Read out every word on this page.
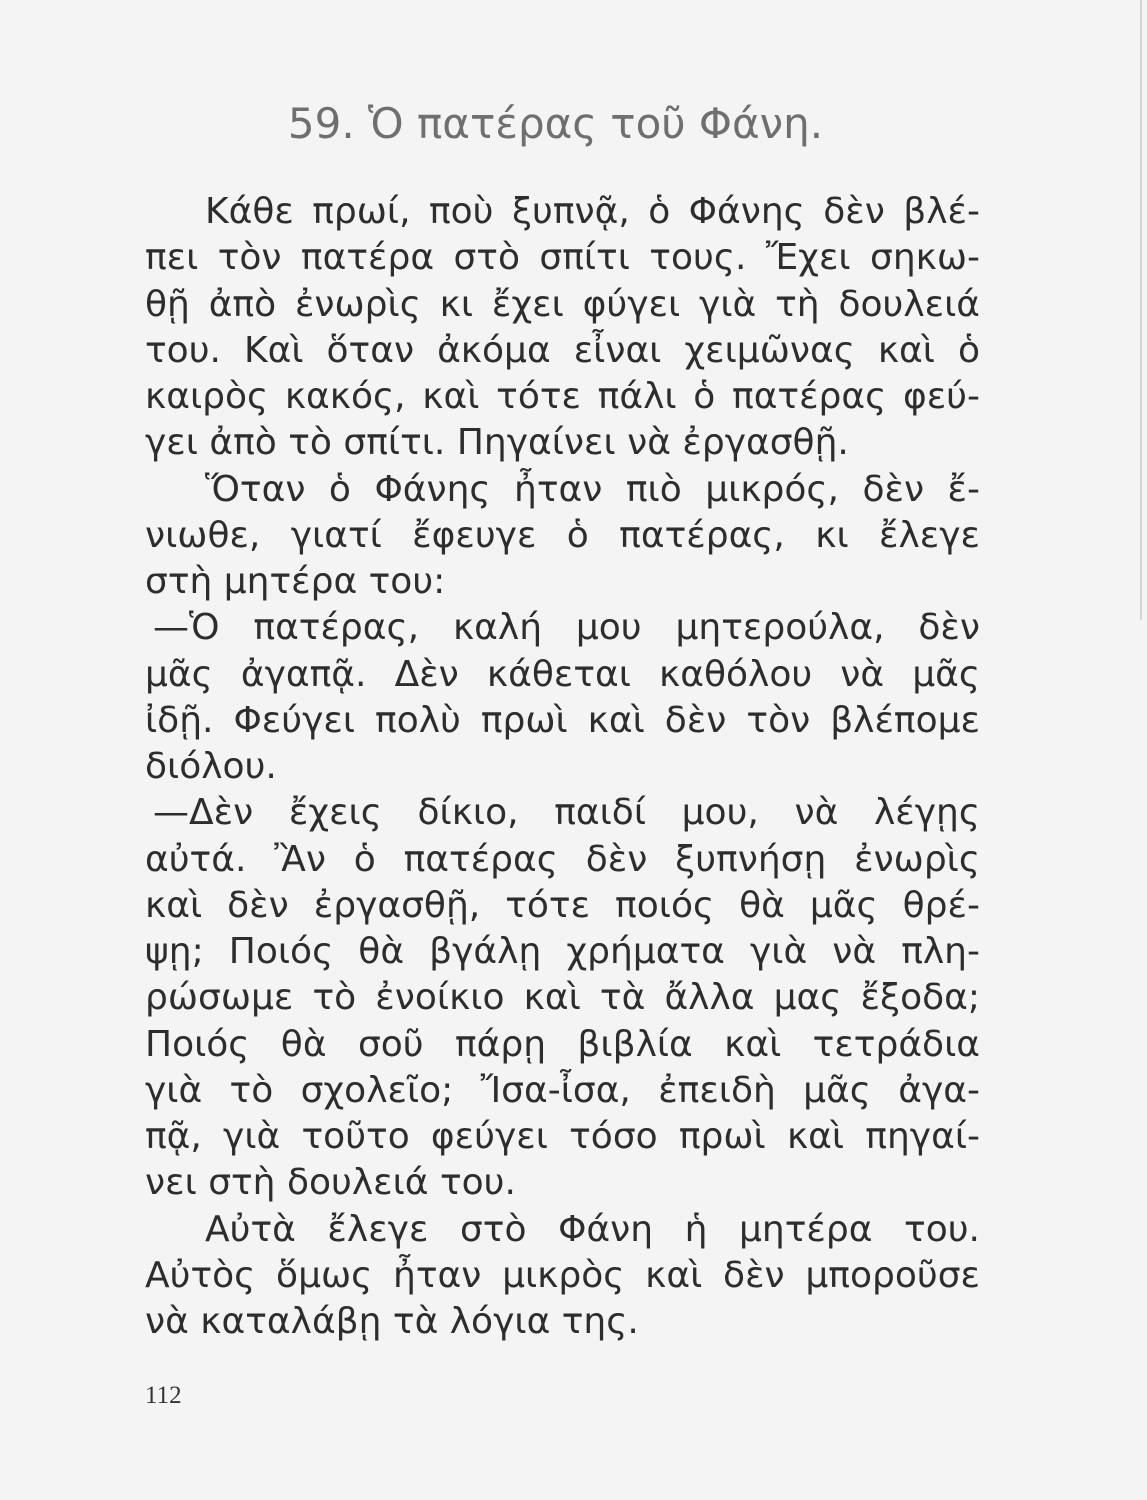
59. Ὁ πατέρας τοῦ Φάνη.
Κάθε πρωί, ποὺ ξυπνᾷ, ὁ Φάνης δὲν βλέ-
πει τὸν πατέρα στὸ σπίτι τους. Ἔχει σηκω-
θῇ ἀπὸ ἐνωρὶς κι ἔχει φύγει γιὰ τὴ δουλειά
του. Καὶ ὅταν ἀκόμα εἶναι χειμῶνας καὶ ὁ
καιρὸς κακός, καὶ τότε πάλι ὁ πατέρας φεύ-
γει ἀπὸ τὸ σπίτι. Πηγαίνει νὰ ἐργασθῇ.
Ὅταν ὁ Φάνης ἦταν πιὸ μικρός, δὲν ἔ-
νιωθε, γιατί ἔφευγε ὁ πατέρας, κι ἔλεγε
στὴ μητέρα του:
—Ὁ πατέρας, καλή μου μητερούλα, δὲν
μᾶς ἀγαπᾷ. Δὲν κάθεται καθόλου νὰ μᾶς
ἰδῇ. Φεύγει πολὺ πρωὶ καὶ δὲν τὸν βλέπομε
διόλου.
—Δὲν ἔχεις δίκιο, παιδί μου, νὰ λέγῃς
αὐτά. Ἂν ὁ πατέρας δὲν ξυπνήσῃ ἐνωρὶς
καὶ δὲν ἐργασθῇ, τότε ποιός θὰ μᾶς θρέ-
ψῃ; Ποιός θὰ βγάλῃ χρήματα γιὰ νὰ πλη-
ρώσωμε τὸ ἐνοίκιο καὶ τὰ ἄλλα μας ἔξοδα;
Ποιός θὰ σοῦ πάρῃ βιβλία καὶ τετράδια
γιὰ τὸ σχολεῖο; Ἴσα-ἶσα, ἐπειδὴ μᾶς ἀγα-
πᾷ, γιὰ τοῦτο φεύγει τόσο πρωὶ καὶ πηγαί-
νει στὴ δουλειά του.
Αὐτὰ ἔλεγε στὸ Φάνη ἡ μητέρα του.
Αὐτὸς ὅμως ἦταν μικρὸς καὶ δὲν μποροῦσε
νὰ καταλάβῃ τὰ λόγια της.
112
